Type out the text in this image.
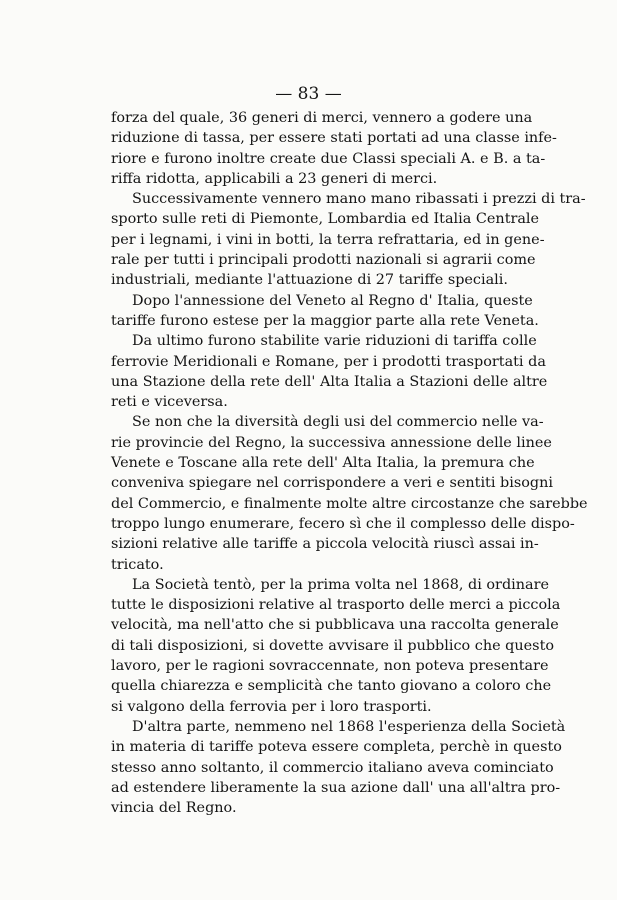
— 83 —
forza del quale, 36 generi di merci, vennero a godere una
riduzione di tassa, per essere stati portati ad una classe infe-
riore e furono inoltre create due Classi speciali A. e B. a ta-
riffa ridotta, applicabili a 23 generi di merci.
Successivamente vennero mano mano ribassati i prezzi di tra-
sporto sulle reti di Piemonte, Lombardia ed Italia Centrale
per i legnami, i vini in botti, la terra refrattaria, ed in gene-
rale per tutti i principali prodotti nazionali si agrarii come
industriali, mediante l'attuazione di 27 tariffe speciali.
Dopo l'annessione del Veneto al Regno d' Italia, queste
tariffe furono estese per la maggior parte alla rete Veneta.
Da ultimo furono stabilite varie riduzioni di tariffa colle
ferrovie Meridionali e Romane, per i prodotti trasportati da
una Stazione della rete dell' Alta Italia a Stazioni delle altre
reti e viceversa.
Se non che la diversità degli usi del commercio nelle va-
rie provincie del Regno, la successiva annessione delle linee
Venete e Toscane alla rete dell' Alta Italia, la premura che
conveniva spiegare nel corrispondere a veri e sentiti bisogni
del Commercio, e finalmente molte altre circostanze che sarebbe
troppo lungo enumerare, fecero sì che il complesso delle dispo-
sizioni relative alle tariffe a piccola velocità riuscì assai in-
tricato.
La Società tentò, per la prima volta nel 1868, di ordinare
tutte le disposizioni relative al trasporto delle merci a piccola
velocità, ma nell'atto che si pubblicava una raccolta generale
di tali disposizioni, si dovette avvisare il pubblico che questo
lavoro, per le ragioni sovraccennate, non poteva presentare
quella chiarezza e semplicità che tanto giovano a coloro che
si valgono della ferrovia per i loro trasporti.
D'altra parte, nemmeno nel 1868 l'esperienza della Società
in materia di tariffe poteva essere completa, perchè in questo
stesso anno soltanto, il commercio italiano aveva cominciato
ad estendere liberamente la sua azione dall' una all'altra pro-
vincia del Regno.
